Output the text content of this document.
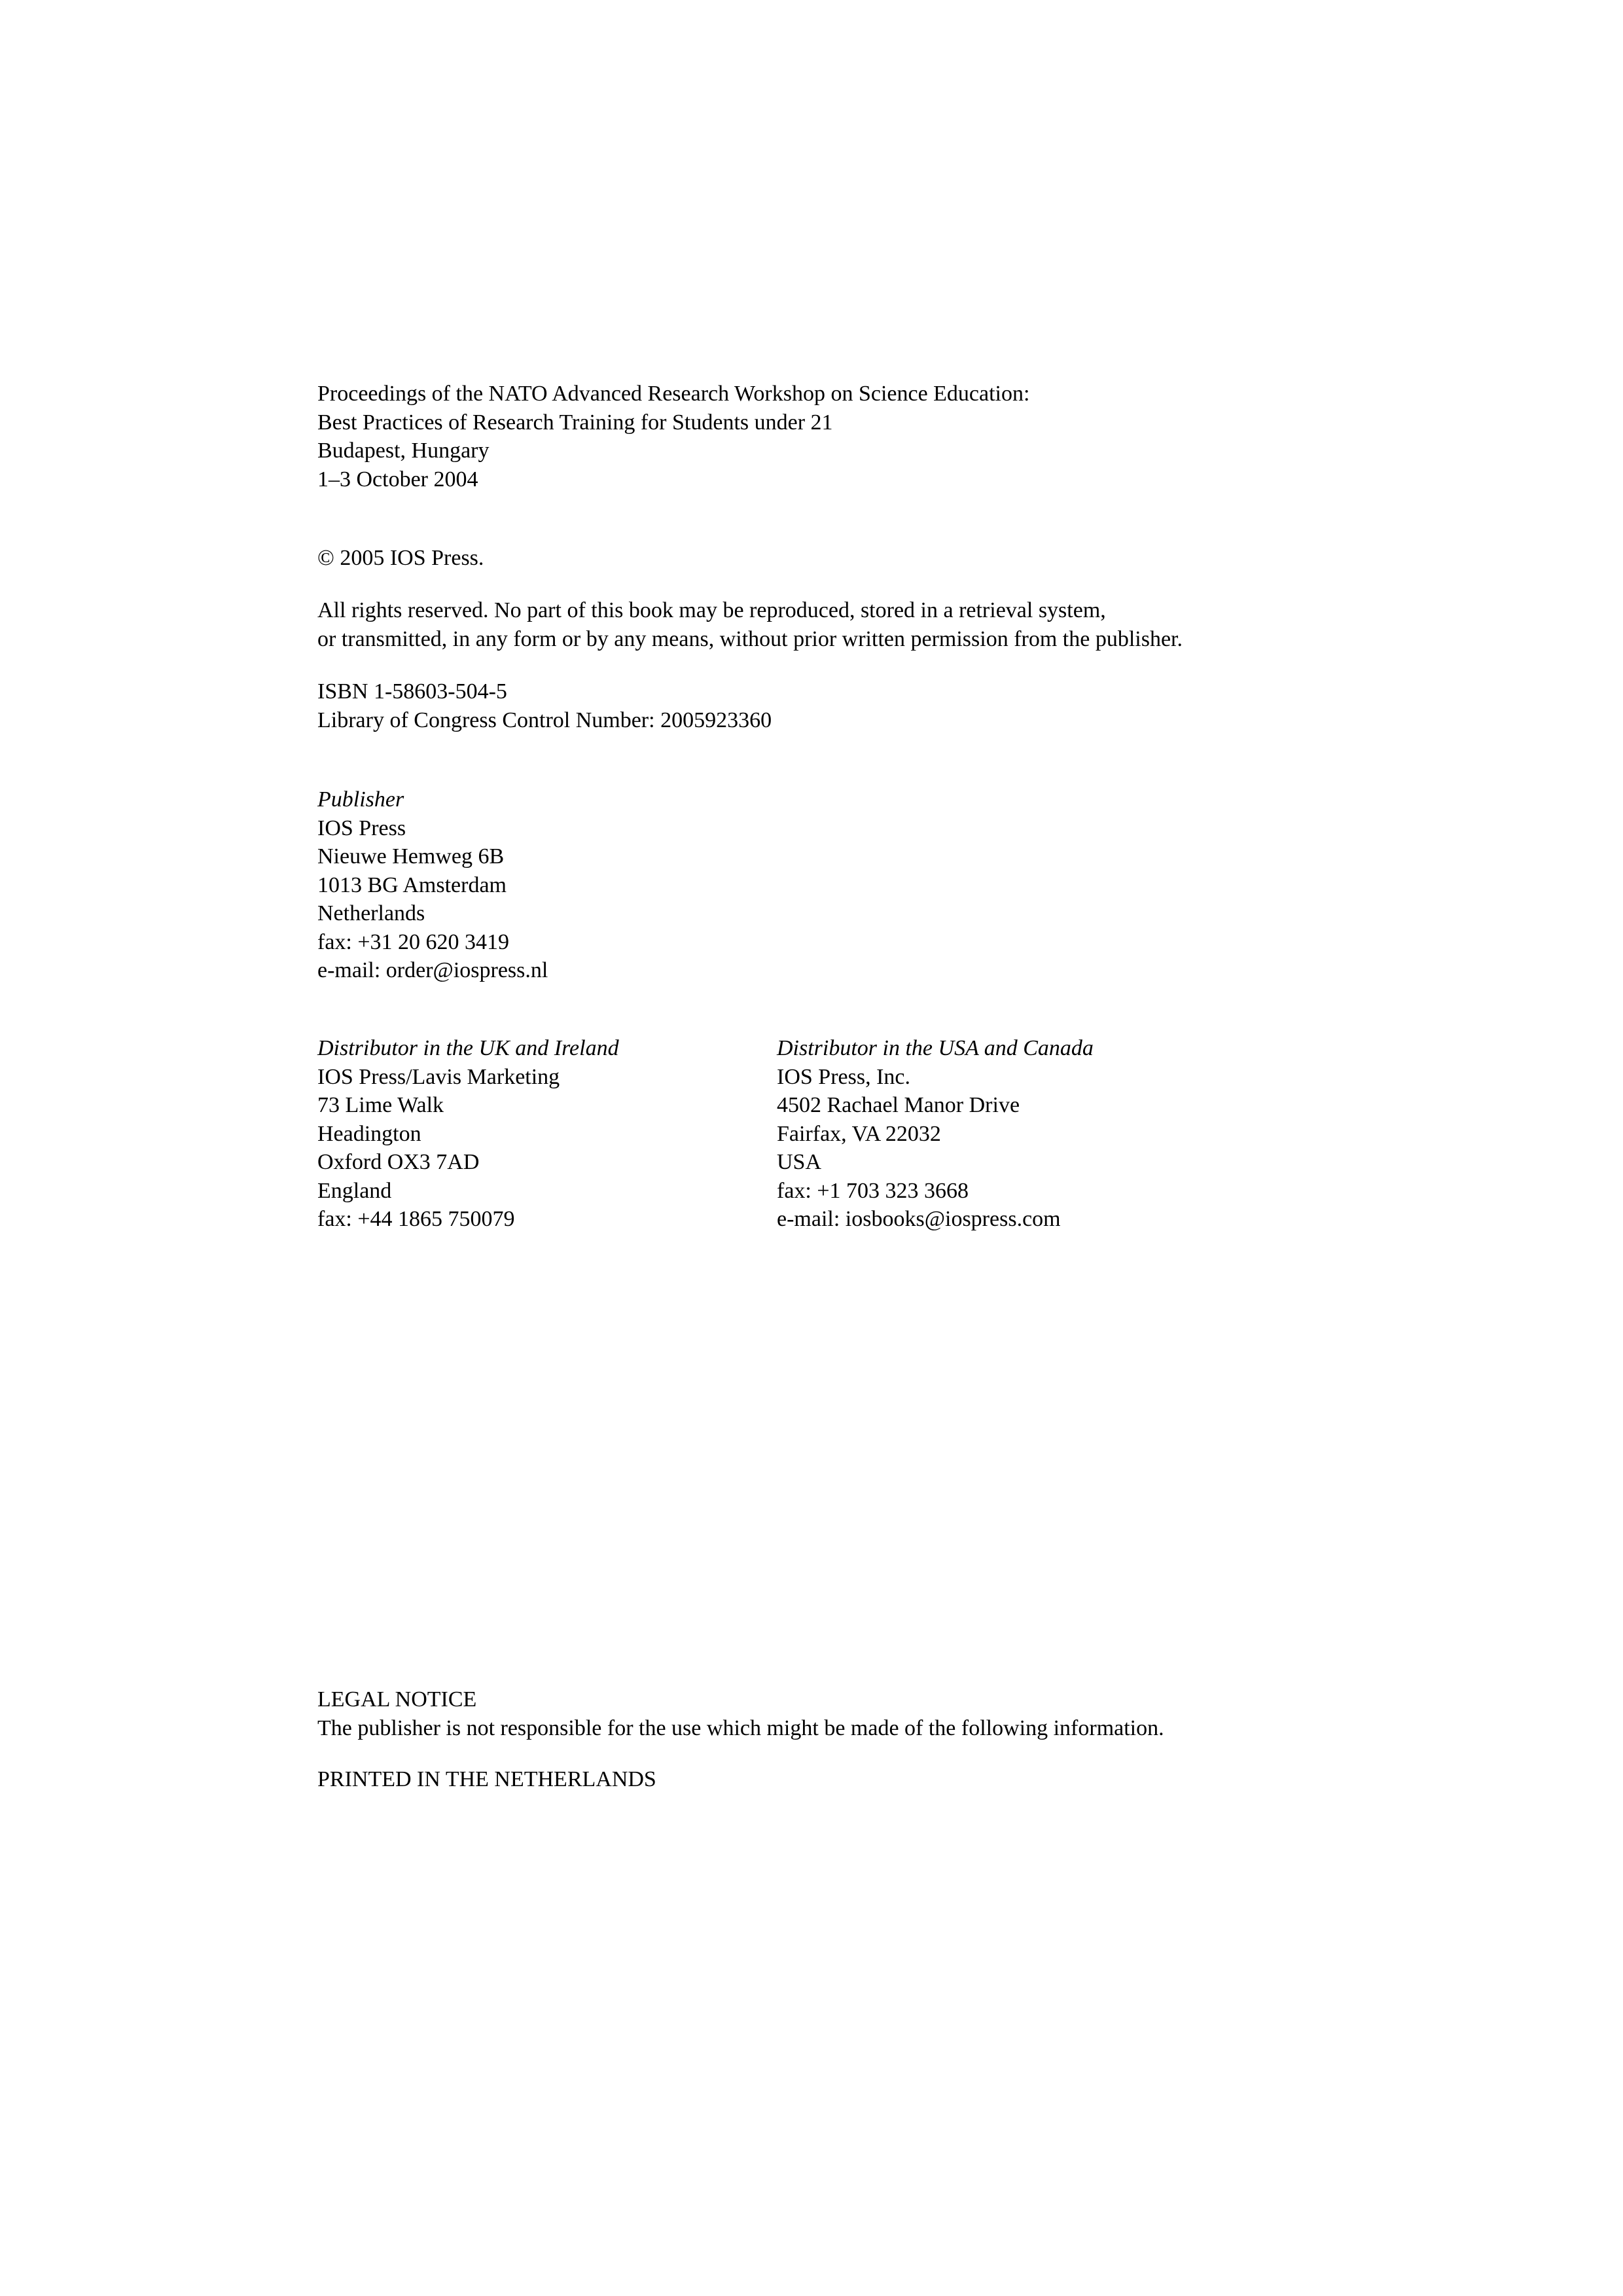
Proceedings of the NATO Advanced Research Workshop on Science Education:
Best Practices of Research Training for Students under 21
Budapest, Hungary
1–3 October 2004
© 2005 IOS Press.
All rights reserved. No part of this book may be reproduced, stored in a retrieval system,
or transmitted, in any form or by any means, without prior written permission from the publisher.
ISBN 1-58603-504-5
Library of Congress Control Number: 2005923360
Publisher
IOS Press
Nieuwe Hemweg 6B
1013 BG Amsterdam
Netherlands
fax: +31 20 620 3419
e-mail: order@iospress.nl
Distributor in the UK and Ireland
IOS Press/Lavis Marketing
73 Lime Walk
Headington
Oxford OX3 7AD
England
fax: +44 1865 750079
Distributor in the USA and Canada
IOS Press, Inc.
4502 Rachael Manor Drive
Fairfax, VA 22032
USA
fax: +1 703 323 3668
e-mail: iosbooks@iospress.com
LEGAL NOTICE
The publisher is not responsible for the use which might be made of the following information.
PRINTED IN THE NETHERLANDS
